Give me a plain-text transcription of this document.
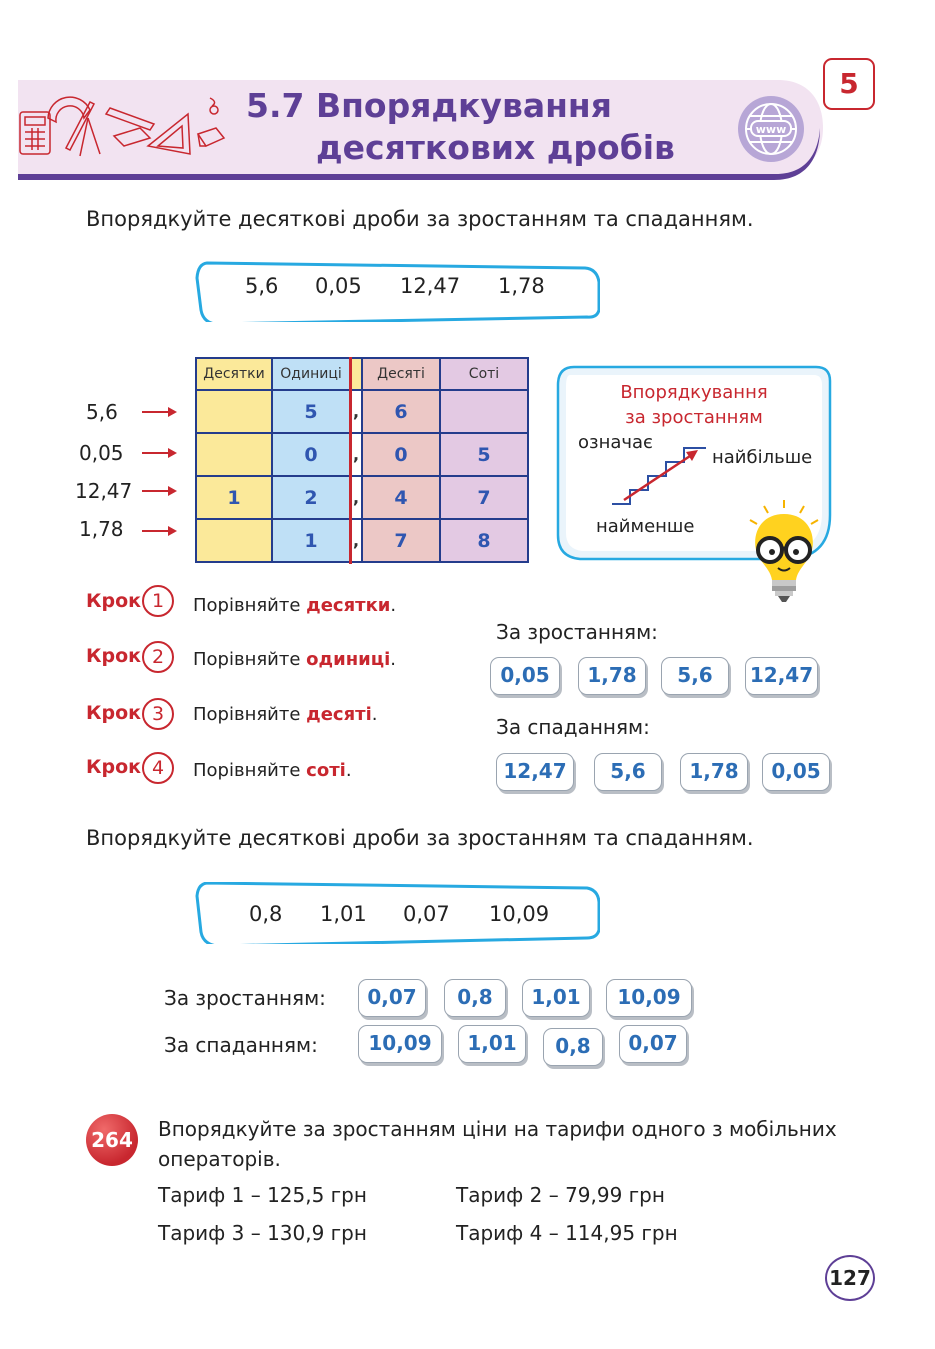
5.7 Впорядкування
десяткових дробів	www
5
Впорядкуйте десяткові дроби за зростанням та спаданням.
5,6 0,05 12,47 1,78
5,6
0,05
12,47
1,78
Десятки	Одиниці		Десяті	Соті
	5	,	6	
	0	,	0	5
1	2	,	4	7
	1	,	7	8
Впорядкування
за зростанням
означає
найбільше
найменше
Крок 1	Порівняйте десятки.
Крок 2	Порівняйте одиниці.
Крок 3	Порівняйте десяті.
Крок 4	Порівняйте соті.
За зростанням:
0,05	1,78	5,6	12,47
За спаданням:
12,47	5,6	1,78	0,05
Впорядкуйте десяткові дроби за зростанням та спаданням.
0,8 1,01 0,07 10,09
За зростанням:	0,07	0,8	1,01	10,09
За спаданням:	10,09	1,01	0,8	0,07
264 Впорядкуйте за зростанням ціни на тарифи одного з мобільних
операторів.
Тариф 1 – 125,5 грн	Тариф 2 – 79,99 грн
Тариф 3 – 130,9 грн	Тариф 4 – 114,95 грн
127
